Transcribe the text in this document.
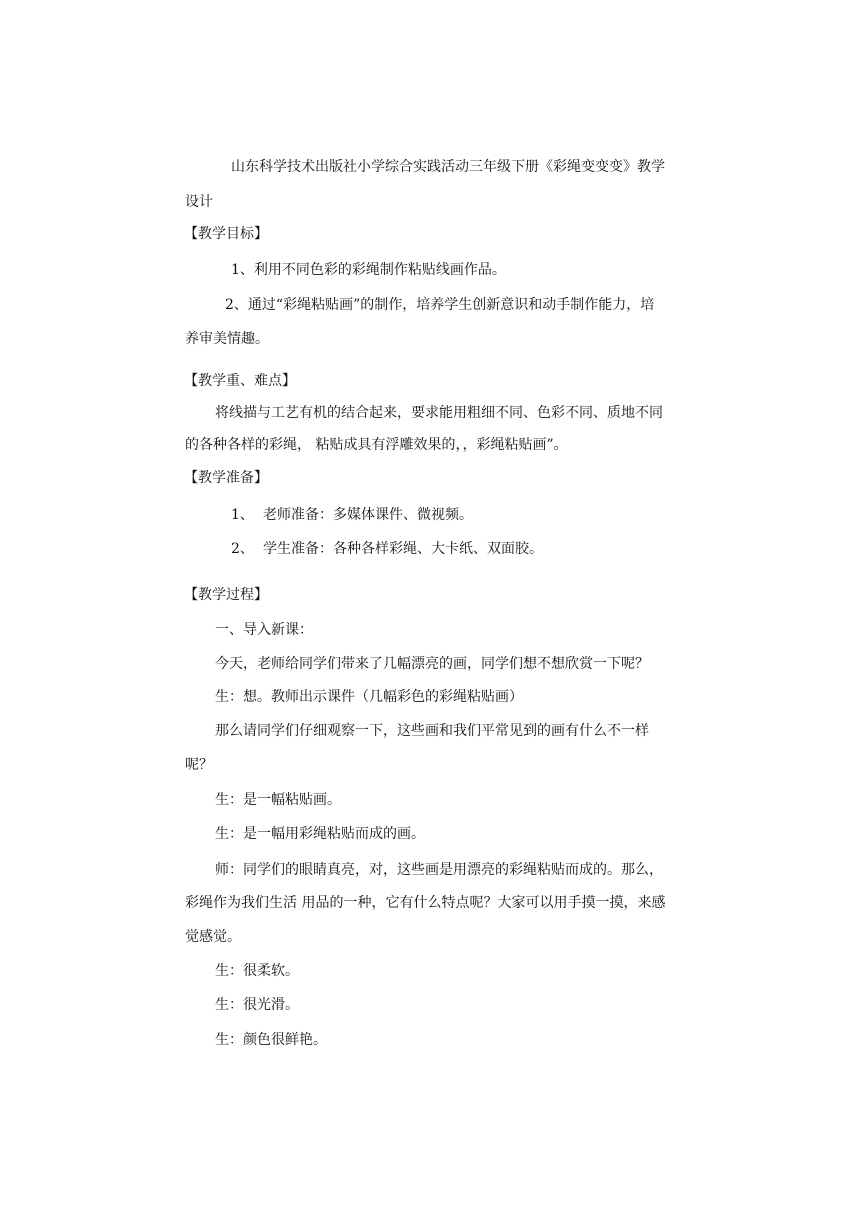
山东科学技术出版社小学综合实践活动三年级下册《彩绳变变变》教学
设计
【教学目标】
1、利用不同色彩的彩绳制作粘贴线画作品。
2、通过“彩绳粘贴画”的制作，培养学生创新意识和动手制作能力，培
养审美情趣。
【教学重、难点】
将线描与工艺有机的结合起来，要求能用粗细不同、色彩不同、质地不同
的各种各样的彩绳， 粘贴成具有浮雕效果的，，彩绳粘贴画”。
【教学准备】
1、 老师准备：多媒体课件、微视频。
2、 学生准备：各种各样彩绳、大卡纸、双面胶。
【教学过程】
一、导入新课：
今天，老师给同学们带来了几幅漂亮的画，同学们想不想欣赏一下呢？
生：想。教师出示课件（几幅彩色的彩绳粘贴画）
那么请同学们仔细观察一下，这些画和我们平常见到的画有什么不一样
呢？
生：是一幅粘贴画。
生：是一幅用彩绳粘贴而成的画。
师：同学们的眼睛真亮，对，这些画是用漂亮的彩绳粘贴而成的。那么，
彩绳作为我们生活 用品的一种，它有什么特点呢？大家可以用手摸一摸，来感
觉感觉。
生：很柔软。
生：很光滑。
生：颜色很鲜艳。
